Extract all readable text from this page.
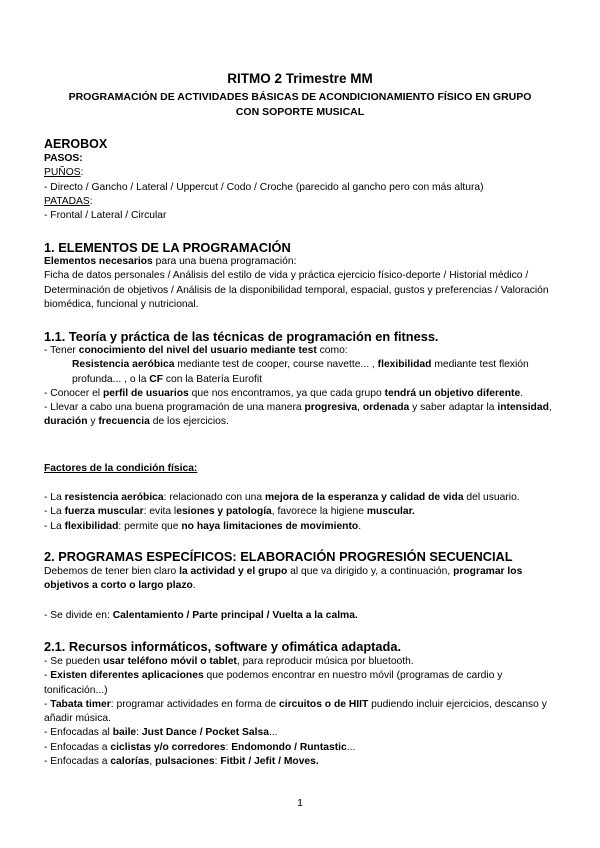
RITMO 2 Trimestre MM
PROGRAMACIÓN DE ACTIVIDADES BÁSICAS DE ACONDICIONAMIENTO FÍSICO EN GRUPO CON SOPORTE MUSICAL
AEROBOX

PASOS:
PUÑOS:
- Directo / Gancho / Lateral / Uppercut / Codo / Croche (parecido al gancho pero con más altura)
PATADAS:
- Frontal / Lateral / Circular

1. ELEMENTOS DE LA PROGRAMACIÓN

Elementos necesarios para una buena programación:
Ficha de datos personales / Análisis del estilo de vida y práctica ejercicio físico-deporte / Historial médico / Determinación de objetivos / Análisis de la disponibilidad temporal, espacial, gustos y preferencias / Valoración biomédica, funcional y nutricional.

1.1. Teoría y práctica de las técnicas de programación en fitness.
- Tener conocimiento del nivel del usuario mediante test como:
Resistencia aeróbica mediante test de cooper, course navette... , flexibilidad mediante test flexión profunda... , o la CF con la Batería Eurofit
- Conocer el perfil de usuarios que nos encontramos, ya que cada grupo tendrá un objetivo diferente.
- Llevar a cabo una buena programación de una manera progresiva, ordenada y saber adaptar la intensidad, duración y frecuencia de los ejercicios.
Factores de la condición física:
- La resistencia aeróbica: relacionado con una mejora de la esperanza y calidad de vida del usuario.
- La fuerza muscular: evita lesiones y patología, favorece la higiene muscular.
- La flexibilidad: permite que no haya limitaciones de movimiento.
2. PROGRAMAS ESPECÍFICOS: ELABORACIÓN PROGRESIÓN SECUENCIAL
Debemos de tener bien claro la actividad y el grupo al que va dirigido y, a continuación, programar los objetivos a corto o largo plazo.
- Se divide en: Calentamiento / Parte principal / Vuelta a la calma.
2.1. Recursos informáticos, software y ofimática adaptada.
- Se pueden usar teléfono móvil o tablet, para reproducir música por bluetooth.
- Existen diferentes aplicaciones que podemos encontrar en nuestro móvil (programas de cardio y tonificación...)
- Tabata timer: programar actividades en forma de circuitos o de HIIT pudiendo incluir ejercicios, descanso y añadir música.
- Enfocadas al baile: Just Dance / Pocket Salsa...
- Enfocadas a ciclistas y/o corredores: Endomondo / Runtastic...
- Enfocadas a calorías, pulsaciones: Fitbit / Jefit / Moves.
1
